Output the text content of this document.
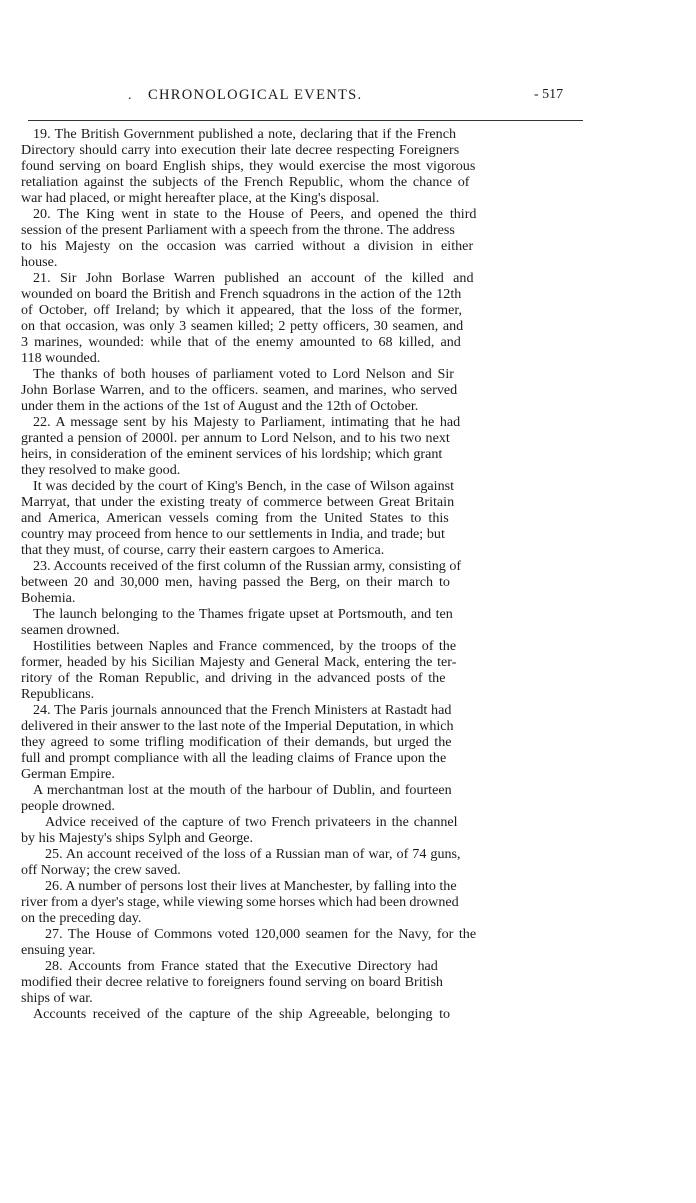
. CHRONOLOGICAL EVENTS.	- 517
19. The British Government published a note, declaring that if the French
Directory should carry into execution their late decree respecting Foreigners
found serving on board English ships, they would exercise the most vigorous
retaliation against the subjects of the French Republic, whom the chance of
war had placed, or might hereafter place, at the King's disposal.
20. The King went in state to the House of Peers, and opened the third
session of the present Parliament with a speech from the throne. The address
to his Majesty on the occasion was carried without a division in either
house.
21. Sir John Borlase Warren published an account of the killed and
wounded on board the British and French squadrons in the action of the 12th
of October, off Ireland; by which it appeared, that the loss of the former,
on that occasion, was only 3 seamen killed; 2 petty officers, 30 seamen, and
3 marines, wounded: while that of the enemy amounted to 68 killed, and
118 wounded.
The thanks of both houses of parliament voted to Lord Nelson and Sir
John Borlase Warren, and to the officers. seamen, and marines, who served
under them in the actions of the 1st of August and the 12th of October.
22. A message sent by his Majesty to Parliament, intimating that he had
granted a pension of 2000l. per annum to Lord Nelson, and to his two next
heirs, in consideration of the eminent services of his lordship; which grant
they resolved to make good.
It was decided by the court of King's Bench, in the case of Wilson against
Marryat, that under the existing treaty of commerce between Great Britain
and America, American vessels coming from the United States to this
country may proceed from hence to our settlements in India, and trade; but
that they must, of course, carry their eastern cargoes to America.
23. Accounts received of the first column of the Russian army, consisting of
between 20 and 30,000 men, having passed the Berg, on their march to
Bohemia.
The launch belonging to the Thames frigate upset at Portsmouth, and ten
seamen drowned.
Hostilities between Naples and France commenced, by the troops of the
former, headed by his Sicilian Majesty and General Mack, entering the ter-
ritory of the Roman Republic, and driving in the advanced posts of the
Republicans.
24. The Paris journals announced that the French Ministers at Rastadt had
delivered in their answer to the last note of the Imperial Deputation, in which
they agreed to some trifling modification of their demands, but urged the
full and prompt compliance with all the leading claims of France upon the
German Empire.
A merchantman lost at the mouth of the harbour of Dublin, and fourteen
people drowned.
Advice received of the capture of two French privateers in the channel
by his Majesty's ships Sylph and George.
25. An account received of the loss of a Russian man of war, of 74 guns,
off Norway; the crew saved.
26. A number of persons lost their lives at Manchester, by falling into the
river from a dyer's stage, while viewing some horses which had been drowned
on the preceding day.
27. The House of Commons voted 120,000 seamen for the Navy, for the
ensuing year.
28. Accounts from France stated that the Executive Directory had
modified their decree relative to foreigners found serving on board British
ships of war.
Accounts received of the capture of the ship Agreeable, belonging to
